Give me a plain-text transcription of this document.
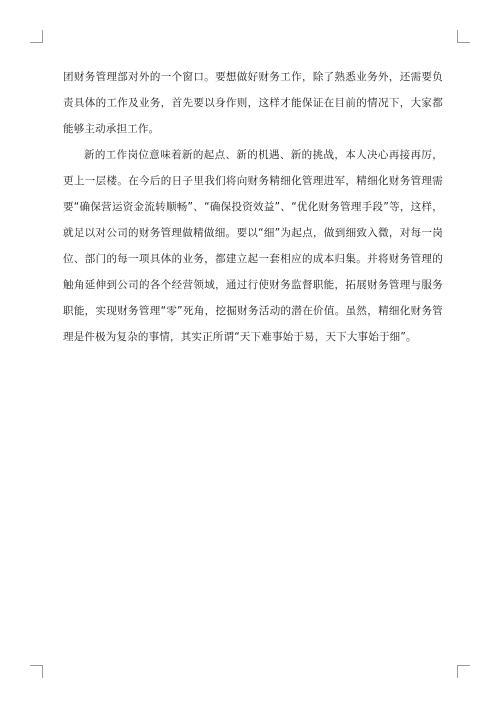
团财务管理部对外的一个窗口。要想做好财务工作，除了熟悉业务外，还需要负责具体的工作及业务，首先要以身作则，这样才能保证在目前的情况下，大家都能够主动承担工作。

新的工作岗位意味着新的起点、新的机遇、新的挑战，本人决心再接再厉，更上一层楼。在今后的日子里我们将向财务精细化管理进军，精细化财务管理需要“确保营运资金流转顺畅”、“确保投资效益”、“优化财务管理手段”等，这样，就足以对公司的财务管理做精做细。要以“细”为起点，做到细致入微，对每一岗位、部门的每一项具体的业务，都建立起一套相应的成本归集。并将财务管理的触角延伸到公司的各个经营领域，通过行使财务监督职能，拓展财务管理与服务职能，实现财务管理“零”死角，挖掘财务活动的潜在价值。虽然，精细化财务管理是件极为复杂的事情，其实正所谓“天下难事始于易，天下大事始于细”。
